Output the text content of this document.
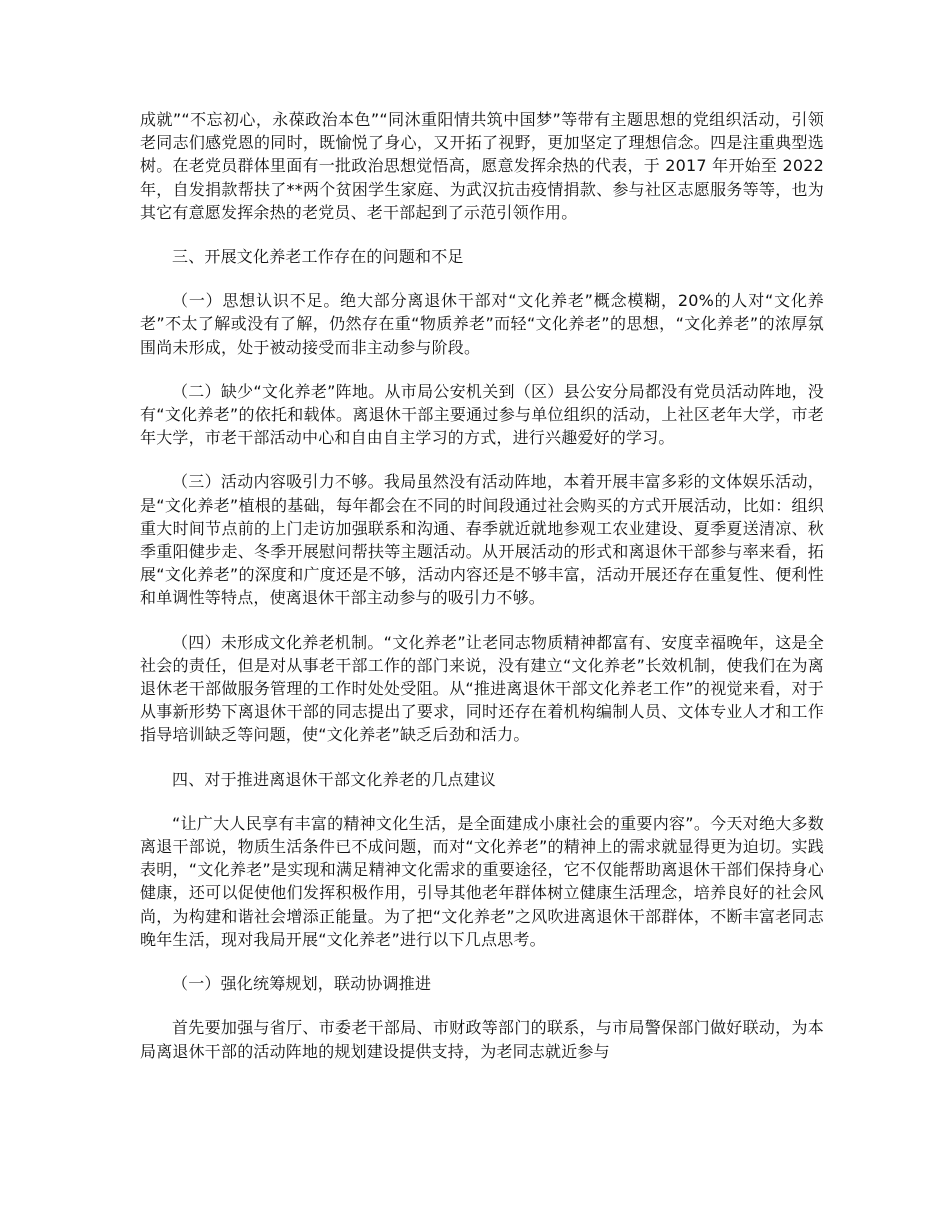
成就”“不忘初心，永葆政治本色”“同沐重阳情共筑中国梦”等带有主题思想的党组织活动，引领老同志们感党恩的同时，既愉悦了身心，又开拓了视野，更加坚定了理想信念。四是注重典型选树。在老党员群体里面有一批政治思想觉悟高，愿意发挥余热的代表，于 2017 年开始至 2022 年，自发捐款帮扶了**两个贫困学生家庭、为武汉抗击疫情捐款、参与社区志愿服务等等，也为其它有意愿发挥余热的老党员、老干部起到了示范引领作用。

三、开展文化养老工作存在的问题和不足

（一）思想认识不足。绝大部分离退休干部对“文化养老”概念模糊，20%的人对“文化养老”不太了解或没有了解，仍然存在重“物质养老”而轻“文化养老”的思想，“文化养老”的浓厚氛围尚未形成，处于被动接受而非主动参与阶段。

（二）缺少“文化养老”阵地。从市局公安机关到（区）县公安分局都没有党员活动阵地，没有“文化养老”的依托和载体。离退休干部主要通过参与单位组织的活动，上社区老年大学，市老年大学，市老干部活动中心和自由自主学习的方式，进行兴趣爱好的学习。

（三）活动内容吸引力不够。我局虽然没有活动阵地，本着开展丰富多彩的文体娱乐活动，是“文化养老”植根的基础，每年都会在不同的时间段通过社会购买的方式开展活动，比如：组织重大时间节点前的上门走访加强联系和沟通、春季就近就地参观工农业建设、夏季夏送清凉、秋季重阳健步走、冬季开展慰问帮扶等主题活动。从开展活动的形式和离退休干部参与率来看，拓展“文化养老”的深度和广度还是不够，活动内容还是不够丰富，活动开展还存在重复性、便利性和单调性等特点，使离退休干部主动参与的吸引力不够。

（四）未形成文化养老机制。“文化养老”让老同志物质精神都富有、安度幸福晚年，这是全社会的责任，但是对从事老干部工作的部门来说，没有建立“文化养老”长效机制，使我们在为离退休老干部做服务管理的工作时处处受阻。从“推进离退休干部文化养老工作”的视觉来看，对于从事新形势下离退休干部的同志提出了要求，同时还存在着机构编制人员、文体专业人才和工作指导培训缺乏等问题，使“文化养老”缺乏后劲和活力。

四、对于推进离退休干部文化养老的几点建议

“让广大人民享有丰富的精神文化生活，是全面建成小康社会的重要内容”。今天对绝大多数离退干部说，物质生活条件已不成问题，而对“文化养老”的精神上的需求就显得更为迫切。实践表明，“文化养老”是实现和满足精神文化需求的重要途径，它不仅能帮助离退休干部们保持身心健康，还可以促使他们发挥积极作用，引导其他老年群体树立健康生活理念，培养良好的社会风尚，为构建和谐社会增添正能量。为了把“文化养老”之风吹进离退休干部群体，不断丰富老同志晚年生活，现对我局开展“文化养老”进行以下几点思考。

（一）强化统筹规划，联动协调推进

首先要加强与省厅、市委老干部局、市财政等部门的联系，与市局警保部门做好联动，为本局离退休干部的活动阵地的规划建设提供支持，为老同志就近参与
